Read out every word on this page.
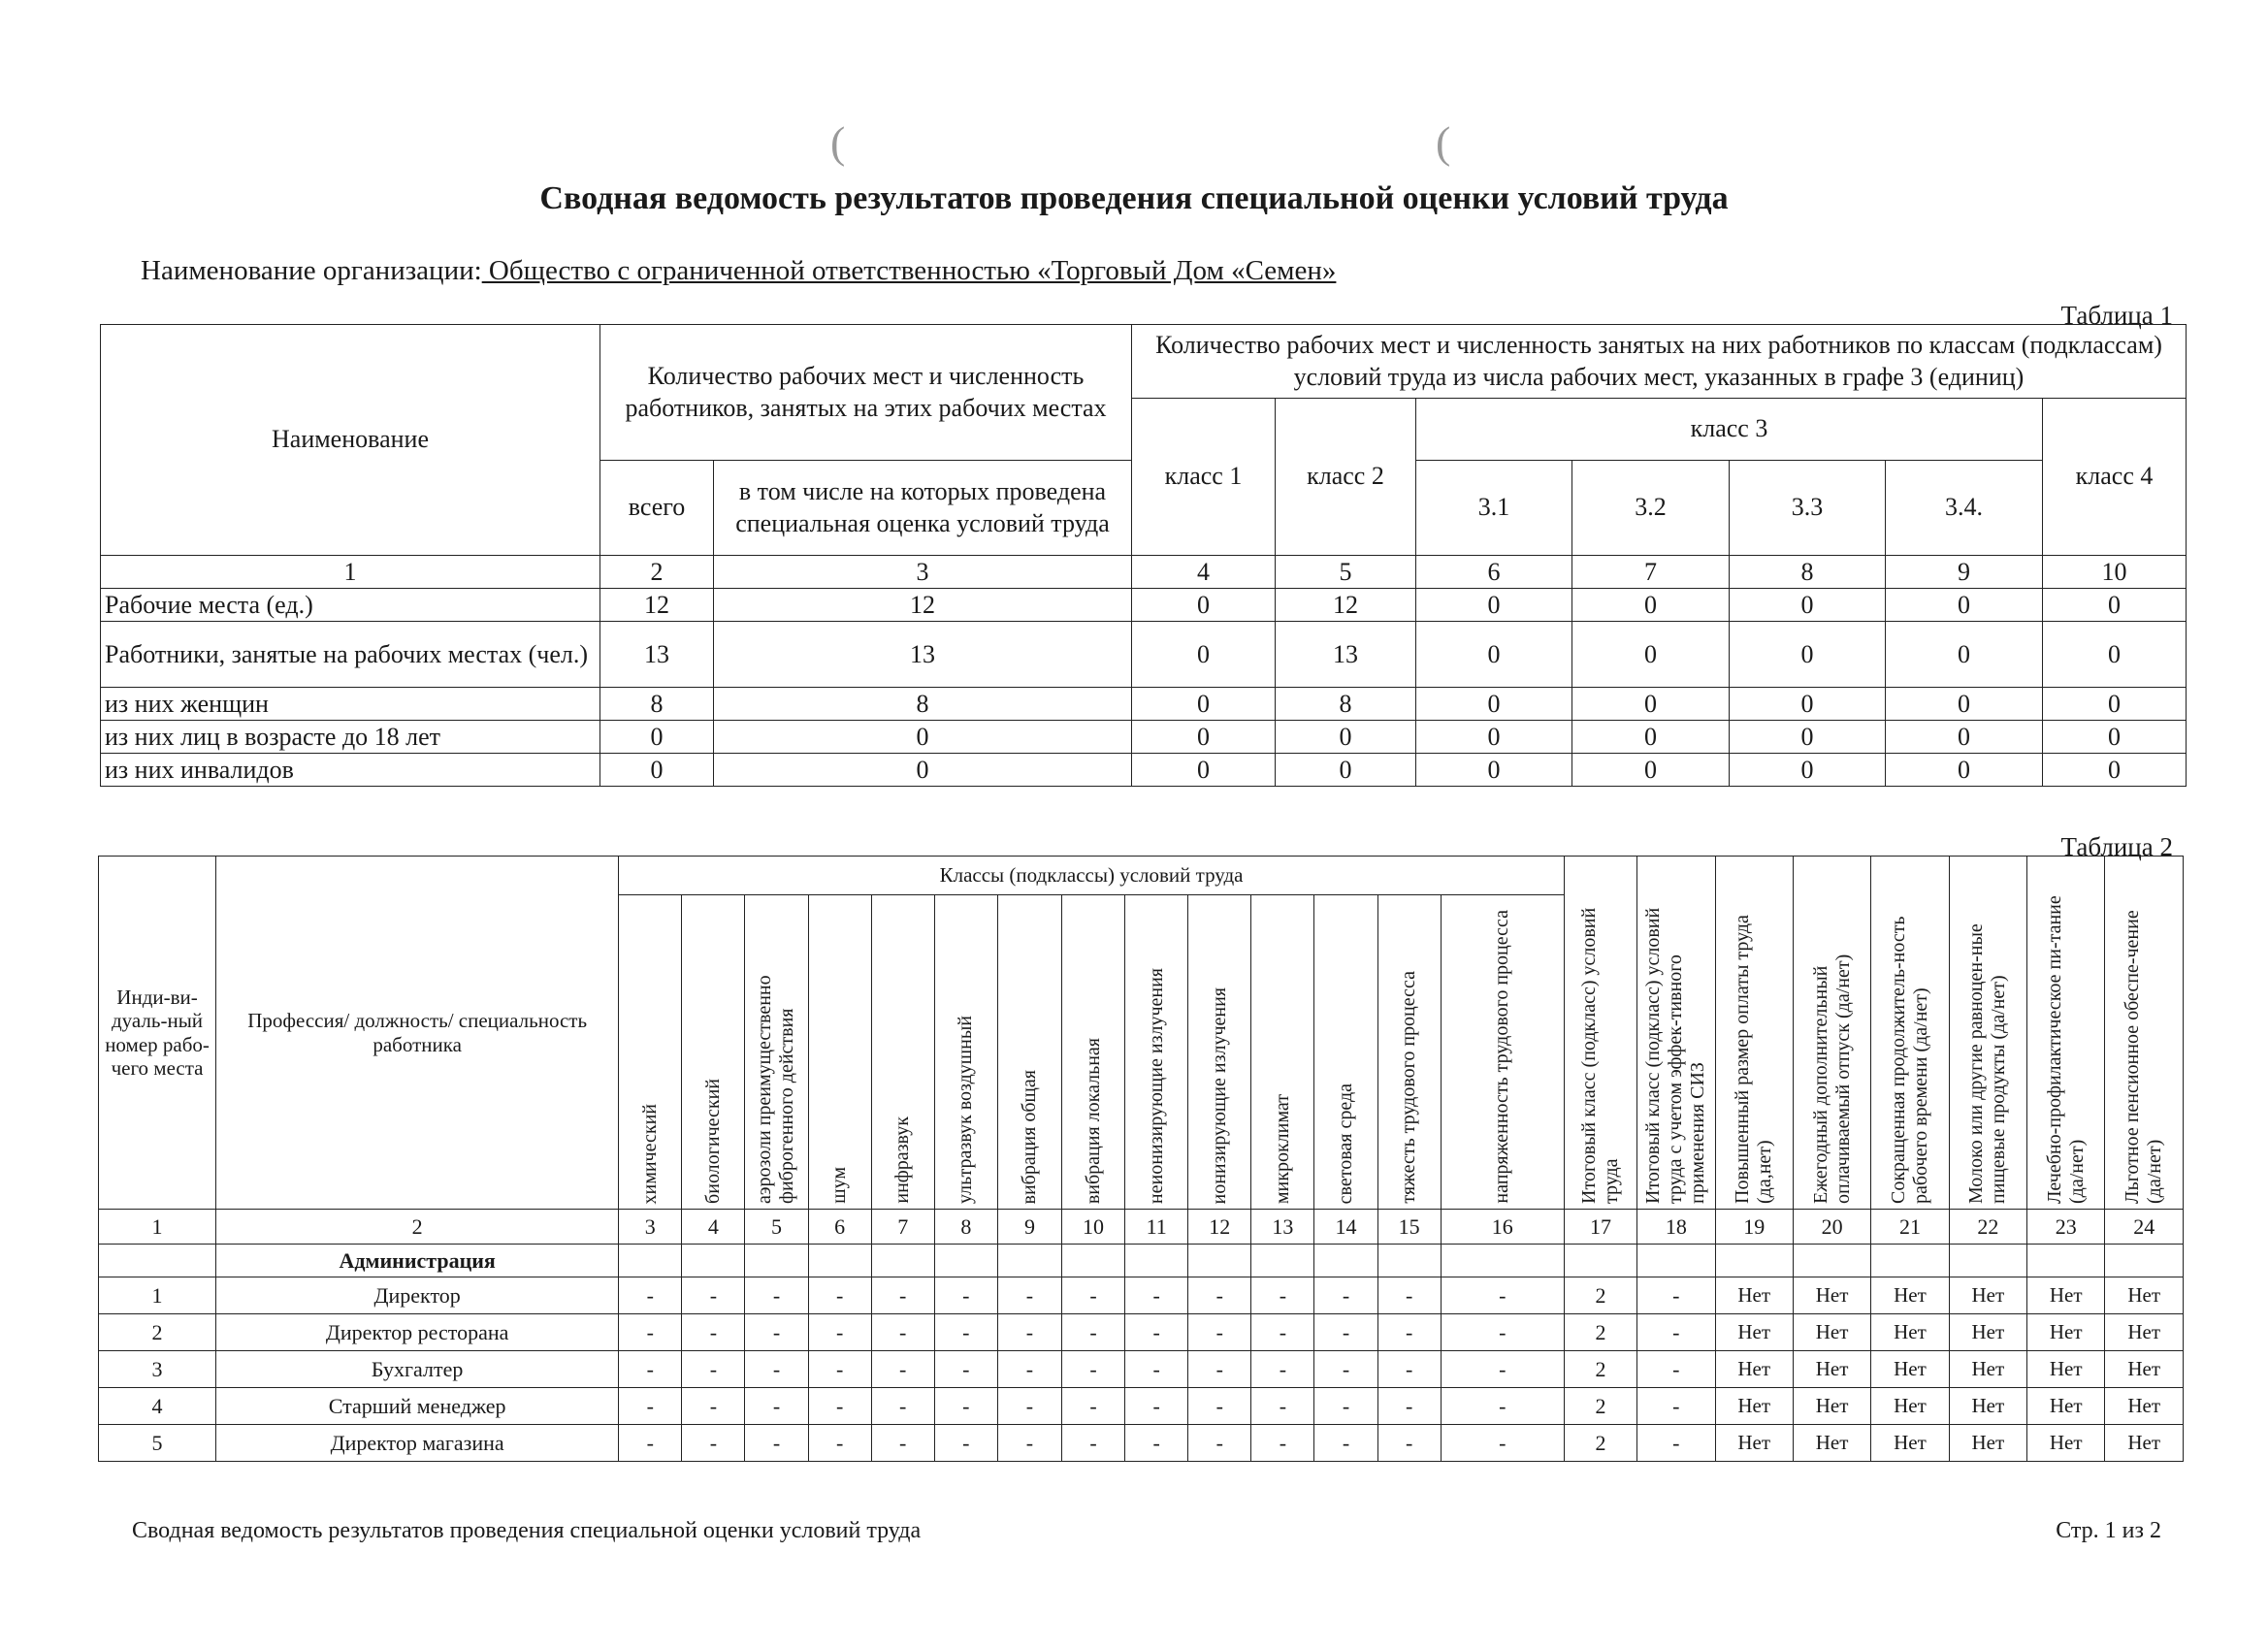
(	(
Сводная ведомость результатов проведения специальной оценки условий труда
Наименование организации: Общество с ограниченной ответственностью «Торговый Дом «Семен»
Таблица 1
Наименование	Количество рабочих мест и численность работников, занятых на этих рабочих местах		Количество рабочих мест и численность занятых на них работников по классам (подклассам) условий труда из числа рабочих мест, указанных в графе 3 (единиц)						
			класс 1	класс 2	класс 3				класс 4
	всего	в том числе на которых проведена специальная оценка условий труда			3.1	3.2	3.3	3.4.	
1	2	3	4	5	6	7	8	9	10
Рабочие места (ед.)	12	12	0	12	0	0	0	0	0
Работники, занятые на рабочих местах (чел.)	13	13	0	13	0	0	0	0	0
из них женщин	8	8	0	8	0	0	0	0	0
из них лиц в возрасте до 18 лет	0	0	0	0	0	0	0	0	0
из них инвалидов	0	0	0	0	0	0	0	0	0
Таблица 2
Инди-ви-дуаль-ный номер рабо-чего места	Профессия/ должность/ специальность работника	Классы (подклассы) условий труда														Итоговый класс (подкласс) условий труда	Итоговый класс (подкласс) условий труда с учетом эффек-тивного применения СИЗ	Повышенный размер оплаты труда (да,нет)	Ежегодный дополнительный оплачиваемый отпуск (да/нет)	Сокращенная продолжитель-ность рабочего времени (да/нет)	Молоко или другие равноцен-ные пищевые продукты (да/нет)	Лечебно-профилактическое пи-тание (да/нет)	Льготное пенсионное обеспе-чение (да/нет)
		химический	биологический	аэрозоли преимущественно фиброгенного действия	шум	инфразвук	ультразвук воздушный	вибрация общая	вибрация локальная	неионизирующие излучения	ионизирующие излучения	микроклимат	световая среда	тяжесть трудового процесса	напряженность трудового процесса								
1	2	3	4	5	6	7	8	9	10	11	12	13	14	15	16	17	18	19	20	21	22	23	24
	Администрация																						
1	Директор	-	-	-	-	-	-	-	-	-	-	-	-	-	-	2	-	Нет	Нет	Нет	Нет	Нет	Нет
2	Директор ресторана	-	-	-	-	-	-	-	-	-	-	-	-	-	-	2	-	Нет	Нет	Нет	Нет	Нет	Нет
3	Бухгалтер	-	-	-	-	-	-	-	-	-	-	-	-	-	-	2	-	Нет	Нет	Нет	Нет	Нет	Нет
4	Старший менеджер	-	-	-	-	-	-	-	-	-	-	-	-	-	-	2	-	Нет	Нет	Нет	Нет	Нет	Нет
5	Директор магазина	-	-	-	-	-	-	-	-	-	-	-	-	-	-	2	-	Нет	Нет	Нет	Нет	Нет	Нет
Сводная ведомость результатов проведения специальной оценки условий труда	Стр. 1 из 2
